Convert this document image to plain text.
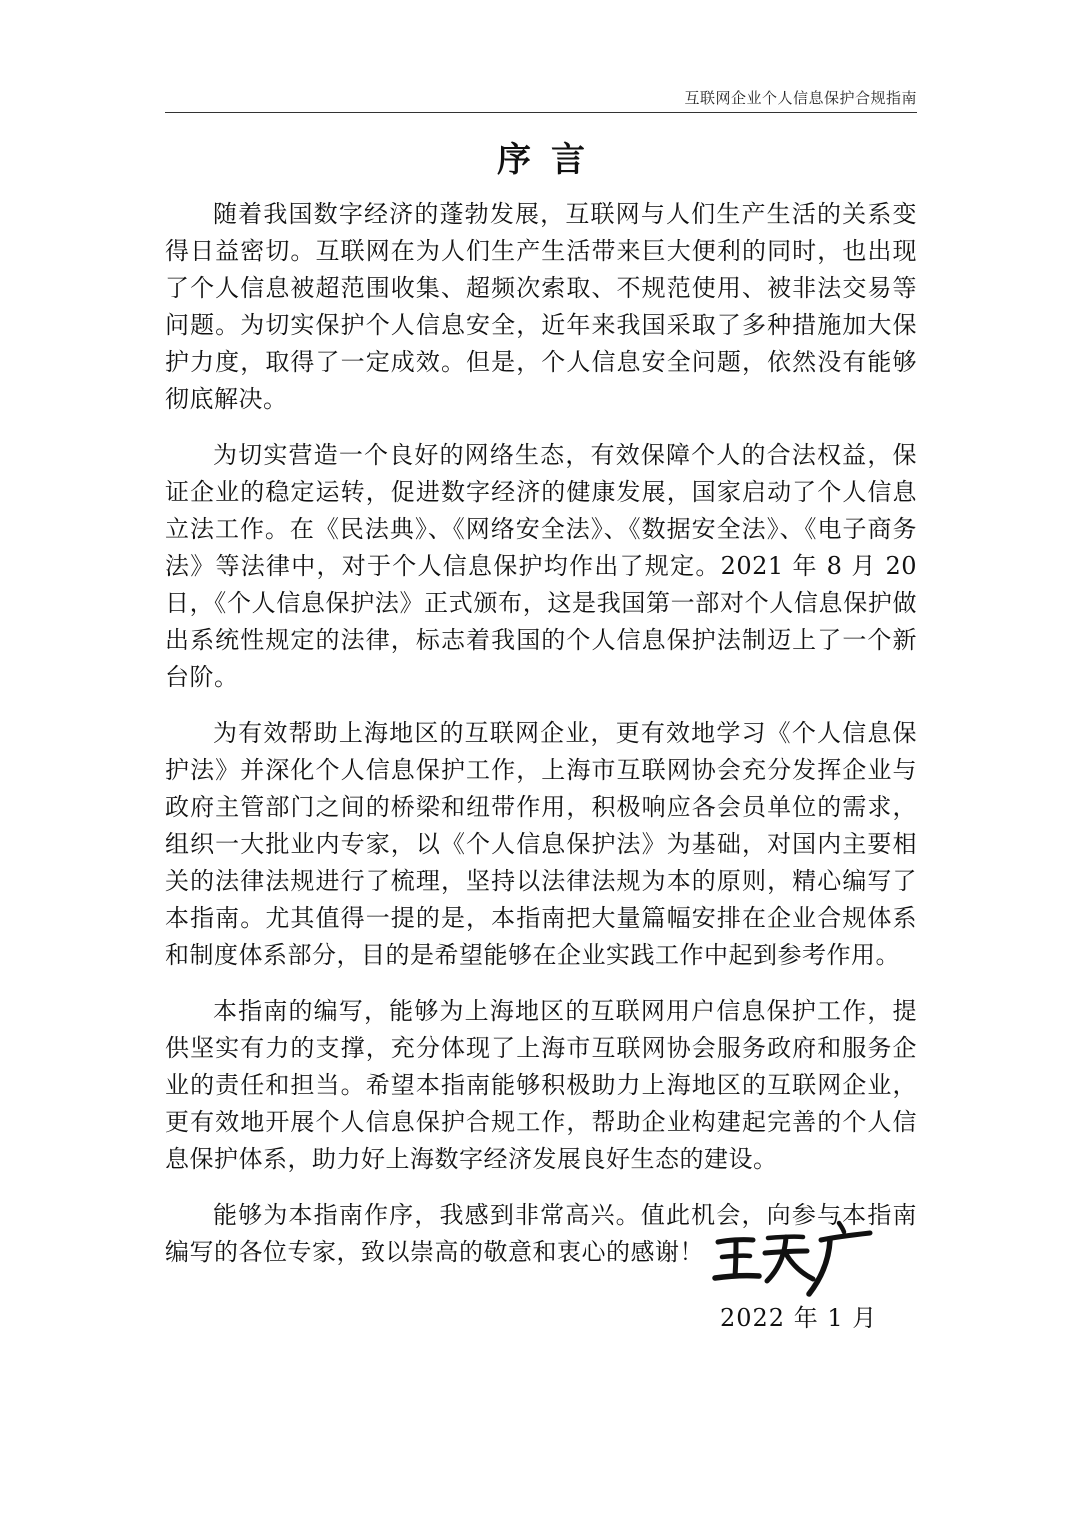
互联网企业个人信息保护合规指南
序言

随着我国数字经济的蓬勃发展，互联网与人们生产生活的关系变得日益密切。互联网在为人们生产生活带来巨大便利的同时，也出现了个人信息被超范围收集、超频次索取、不规范使用、被非法交易等问题。为切实保护个人信息安全，近年来我国采取了多种措施加大保护力度，取得了一定成效。但是，个人信息安全问题，依然没有能够彻底解决。

为切实营造一个良好的网络生态，有效保障个人的合法权益，保证企业的稳定运转，促进数字经济的健康发展，国家启动了个人信息立法工作。在《民法典》、《网络安全法》、《数据安全法》、《电子商务法》等法律中，对于个人信息保护均作出了规定。2021 年 8 月 20 日，《个人信息保护法》正式颁布，这是我国第一部对个人信息保护做出系统性规定的法律，标志着我国的个人信息保护法制迈上了一个新台阶。

为有效帮助上海地区的互联网企业，更有效地学习《个人信息保护法》并深化个人信息保护工作，上海市互联网协会充分发挥企业与政府主管部门之间的桥梁和纽带作用，积极响应各会员单位的需求，组织一大批业内专家，以《个人信息保护法》为基础，对国内主要相关的法律法规进行了梳理，坚持以法律法规为本的原则，精心编写了本指南。尤其值得一提的是，本指南把大量篇幅安排在企业合规体系和制度体系部分，目的是希望能够在企业实践工作中起到参考作用。

本指南的编写，能够为上海地区的互联网用户信息保护工作，提供坚实有力的支撑，充分体现了上海市互联网协会服务政府和服务企业的责任和担当。希望本指南能够积极助力上海地区的互联网企业，更有效地开展个人信息保护合规工作，帮助企业构建起完善的个人信息保护体系，助力好上海数字经济发展良好生态的建设。

能够为本指南作序，我感到非常高兴。值此机会，向参与本指南编写的各位专家，致以崇高的敬意和衷心的感谢！

2022 年 1 月
